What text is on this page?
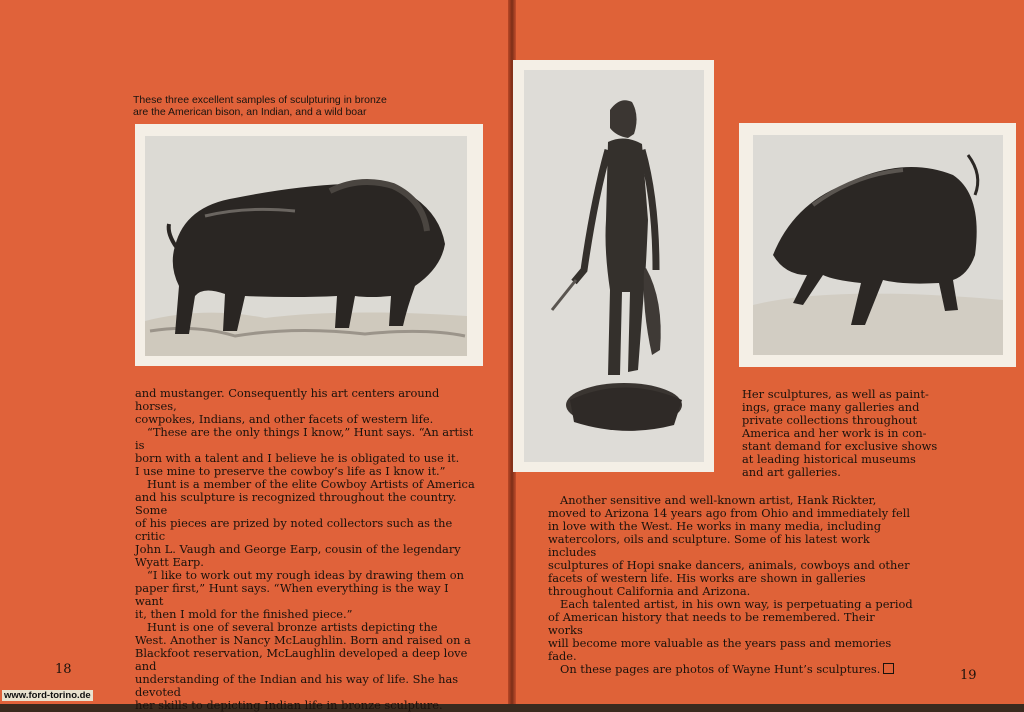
These three excellent samples of sculpturing in bronze
are the American bison, an Indian, and a wild boar

and mustanger. Consequently his art centers around horses,

cowpokes, Indians, and other facets of western life.

“These are the only things I know,” Hunt says. “An artist is

born with a talent and I believe he is obligated to use it.

I use mine to preserve the cowboy’s life as I know it.”

Hunt is a member of the elite Cowboy Artists of America

and his sculpture is recognized throughout the country. Some

of his pieces are prized by noted collectors such as the critic

John L. Vaugh and George Earp, cousin of the legendary

Wyatt Earp.

“I like to work out my rough ideas by drawing them on

paper first,” Hunt says. “When everything is the way I want

it, then I mold for the finished piece.”

Hunt is one of several bronze artists depicting the

West. Another is Nancy McLaughlin. Born and raised on a

Blackfoot reservation, McLaughlin developed a deep love and

understanding of the Indian and his way of life. She has devoted

her skills to depicting Indian life in bronze sculpture.

Her sculptures, as well as paint-

ings, grace many galleries and

private collections throughout

America and her work is in con-

stant demand for exclusive shows

at leading historical museums

and art galleries.

Another sensitive and well-known artist, Hank Rickter,

moved to Arizona 14 years ago from Ohio and immediately fell

in love with the West. He works in many media, including

watercolors, oils and sculpture. Some of his latest work includes

sculptures of Hopi snake dancers, animals, cowboys and other

facets of western life. His works are shown in galleries

throughout California and Arizona.

Each talented artist, in his own way, is perpetuating a period

of American history that needs to be remembered. Their works

will become more valuable as the years pass and memories fade.

On these pages are photos of Wayne Hunt’s sculptures.

18	19
www.ford-torino.de
